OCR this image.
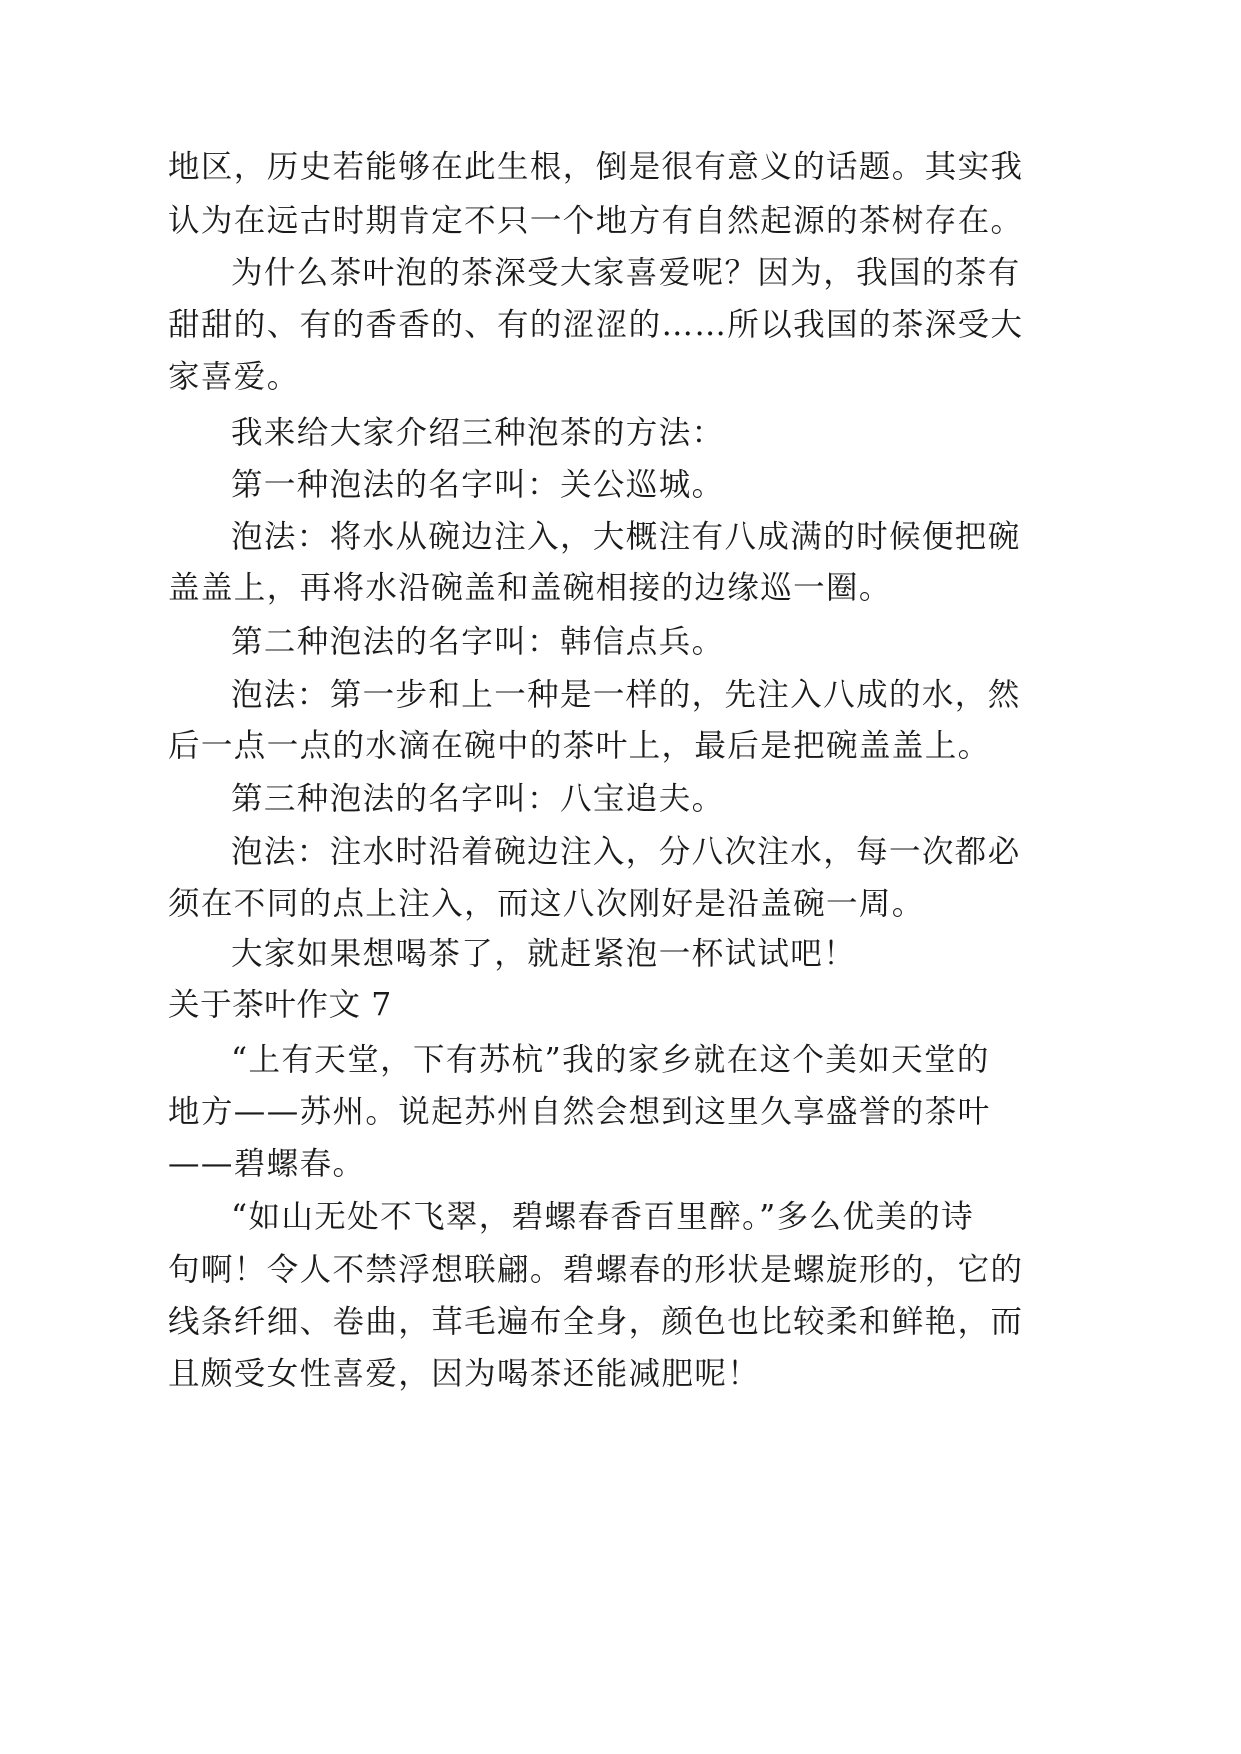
地区，历史若能够在此生根，倒是很有意义的话题。其实我
认为在远古时期肯定不只一个地方有自然起源的茶树存在。
为什么茶叶泡的茶深受大家喜爱呢？因为，我国的茶有
甜甜的、有的香香的、有的涩涩的……所以我国的茶深受大
家喜爱。
我来给大家介绍三种泡茶的方法：
第一种泡法的名字叫：关公巡城。
泡法：将水从碗边注入，大概注有八成满的时候便把碗
盖盖上，再将水沿碗盖和盖碗相接的边缘巡一圈。
第二种泡法的名字叫：韩信点兵。
泡法：第一步和上一种是一样的，先注入八成的水，然
后一点一点的水滴在碗中的茶叶上，最后是把碗盖盖上。
第三种泡法的名字叫：八宝追夫。
泡法：注水时沿着碗边注入，分八次注水，每一次都必
须在不同的点上注入，而这八次刚好是沿盖碗一周。
大家如果想喝茶了，就赶紧泡一杯试试吧！
关于茶叶作文 7
“上有天堂，下有苏杭”我的家乡就在这个美如天堂的
地方——苏州。说起苏州自然会想到这里久享盛誉的茶叶
——碧螺春。
“如山无处不飞翠，碧螺春香百里醉。”多么优美的诗
句啊！令人不禁浮想联翩。碧螺春的形状是螺旋形的，它的
线条纤细、卷曲，茸毛遍布全身，颜色也比较柔和鲜艳，而
且颇受女性喜爱，因为喝茶还能减肥呢！
